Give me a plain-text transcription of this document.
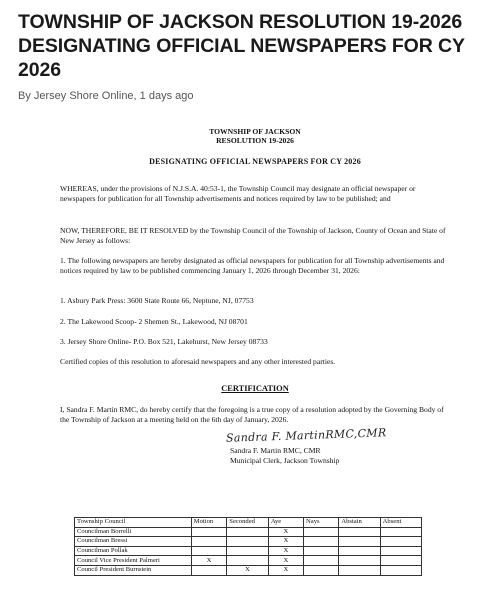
TOWNSHIP OF JACKSON RESOLUTION 19-2026 DESIGNATING OFFICIAL NEWSPAPERS FOR CY 2026
By Jersey Shore Online, 1 days ago
TOWNSHIP OF JACKSON
RESOLUTION 19-2026
DESIGNATING OFFICIAL NEWSPAPERS FOR CY 2026
WHEREAS, under the provisions of N.J.S.A. 40:53-1, the Township Council may designate an official newspaper or newspapers for publication for all Township advertisements and notices required by law to be published; and
NOW, THEREFORE, BE IT RESOLVED by the Township Council of the Township of Jackson, County of Ocean and State of New Jersey as follows:
1. The following newspapers are hereby designated as official newspapers for publication for all Township advertisements and notices required by law to be published commencing January 1, 2026 through December 31, 2026:
1. Asbury Park Press: 3600 State Route 66, Neptune, NJ, 07753
2. The Lakewood Scoop- 2 Shemen St., Lakewood, NJ 08701
3. Jersey Shore Online- P.O. Box 521, Lakehurst, New Jersey 08733
Certified copies of this resolution to aforesaid newspapers and any other interested parties.
CERTIFICATION
I, Sandra F. Martin RMC, do hereby certify that the foregoing is a true copy of a resolution adopted by the Governing Body of the Township of Jackson at a meeting held on the 6th day of January, 2026.
Sandra F. MartinRMC,CMR
Sandra F. Martin RMC, CMR
Municipal Clerk, Jackson Township
Township Council	Motion	Seconded	Aye	Nays	Abstain	Absent
Councilman Borrelli			X			
Councilman Bressi			X			
Councilman Pollak			X			
Council Vice President Palmeri	X		X			
Council President Burnstein		X	X			
